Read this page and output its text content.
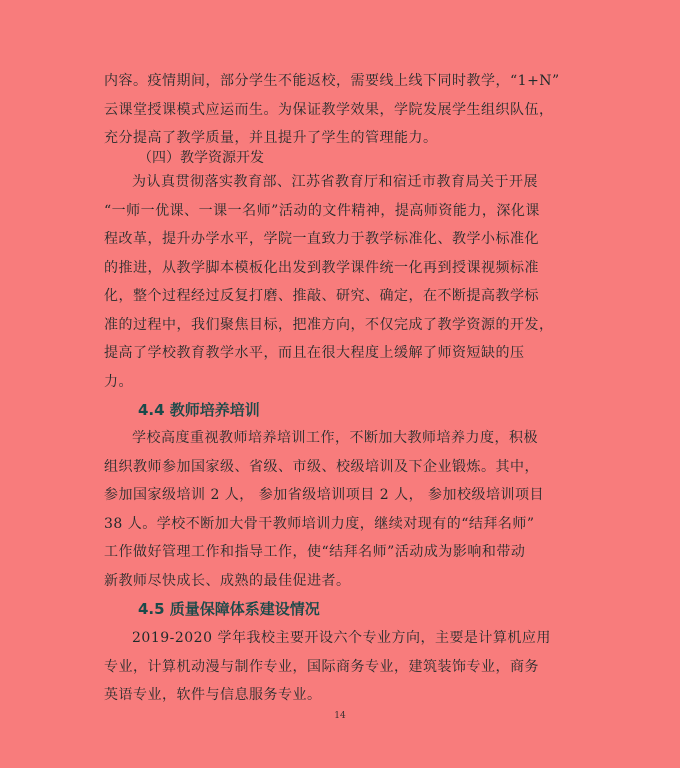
内容。疫情期间，部分学生不能返校，需要线上线下同时教学，“1+N”
云课堂授课模式应运而生。为保证教学效果，学院发展学生组织队伍，
充分提高了教学质量，并且提升了学生的管理能力。

（四）教学资源开发

为认真贯彻落实教育部、江苏省教育厅和宿迁市教育局关于开展
“一师一优课、一课一名师”活动的文件精神，提高师资能力，深化课
程改革，提升办学水平，学院一直致力于教学标准化、教学小标准化
的推进，从教学脚本模板化出发到教学课件统一化再到授课视频标准
化，整个过程经过反复打磨、推敲、研究、确定，在不断提高教学标
准的过程中，我们聚焦目标，把准方向，不仅完成了教学资源的开发，
提高了学校教育教学水平，而且在很大程度上缓解了师资短缺的压
力。

4.4 教师培养培训

学校高度重视教师培养培训工作，不断加大教师培养力度，积极
组织教师参加国家级、省级、市级、校级培训及下企业锻炼。其中，
参加国家级培训 2 人， 参加省级培训项目 2 人， 参加校级培训项目
38 人。学校不断加大骨干教师培训力度，继续对现有的“结拜名师”
工作做好管理工作和指导工作，使“结拜名师”活动成为影响和带动
新教师尽快成长、成熟的最佳促进者。

4.5 质量保障体系建设情况

2019-2020 学年我校主要开设六个专业方向，主要是计算机应用
专业，计算机动漫与制作专业，国际商务专业，建筑装饰专业，商务
英语专业，软件与信息服务专业。

14
